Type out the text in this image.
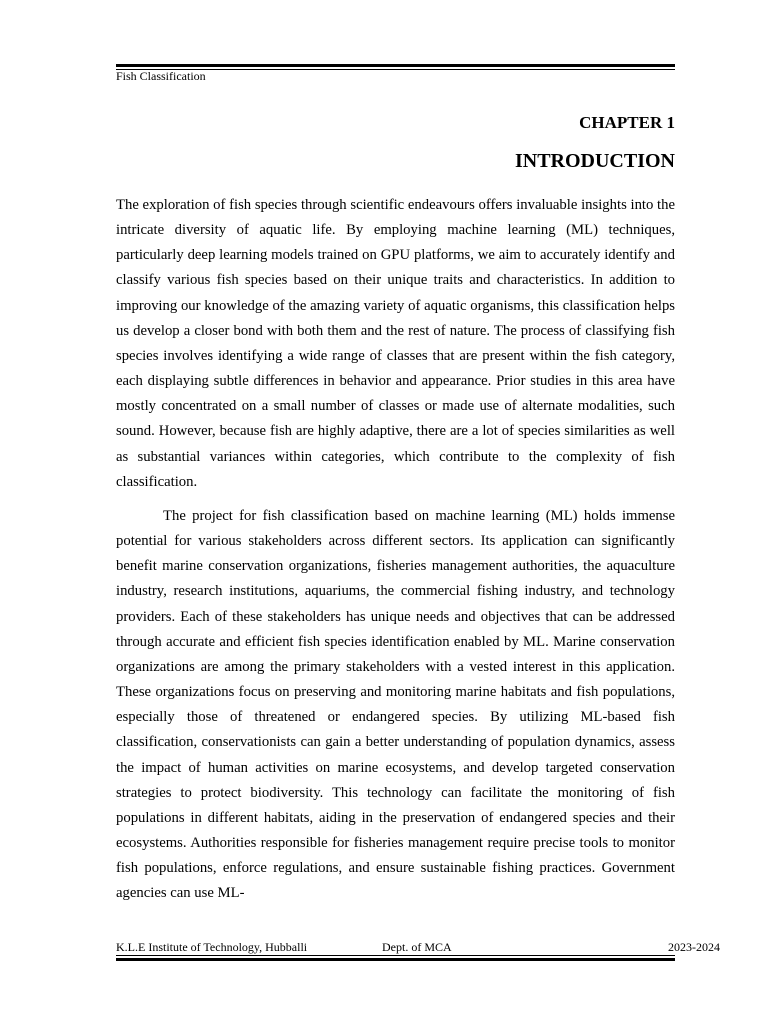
Fish Classification
CHAPTER 1
INTRODUCTION

The exploration of fish species through scientific endeavours offers invaluable insights into the intricate diversity of aquatic life. By employing machine learning (ML) techniques, particularly deep learning models trained on GPU platforms, we aim to accurately identify and classify various fish species based on their unique traits and characteristics. In addition to improving our knowledge of the amazing variety of aquatic organisms, this classification helps us develop a closer bond with both them and the rest of nature. The process of classifying fish species involves identifying a wide range of classes that are present within the fish category, each displaying subtle differences in behavior and appearance. Prior studies in this area have mostly concentrated on a small number of classes or made use of alternate modalities, such sound. However, because fish are highly adaptive, there are a lot of species similarities as well as substantial variances within categories, which contribute to the complexity of fish classification.

The project for fish classification based on machine learning (ML) holds immense potential for various stakeholders across different sectors. Its application can significantly benefit marine conservation organizations, fisheries management authorities, the aquaculture industry, research institutions, aquariums, the commercial fishing industry, and technology providers. Each of these stakeholders has unique needs and objectives that can be addressed through accurate and efficient fish species identification enabled by ML. Marine conservation organizations are among the primary stakeholders with a vested interest in this application. These organizations focus on preserving and monitoring marine habitats and fish populations, especially those of threatened or endangered species. By utilizing ML-based fish classification, conservationists can gain a better understanding of population dynamics, assess the impact of human activities on marine ecosystems, and develop targeted conservation strategies to protect biodiversity. This technology can facilitate the monitoring of fish populations in different habitats, aiding in the preservation of endangered species and their ecosystems. Authorities responsible for fisheries management require precise tools to monitor fish populations, enforce regulations, and ensure sustainable fishing practices. Government agencies can use ML-

K.L.E Institute of Technology, Hubballi	Dept. of MCA	2023-2024
